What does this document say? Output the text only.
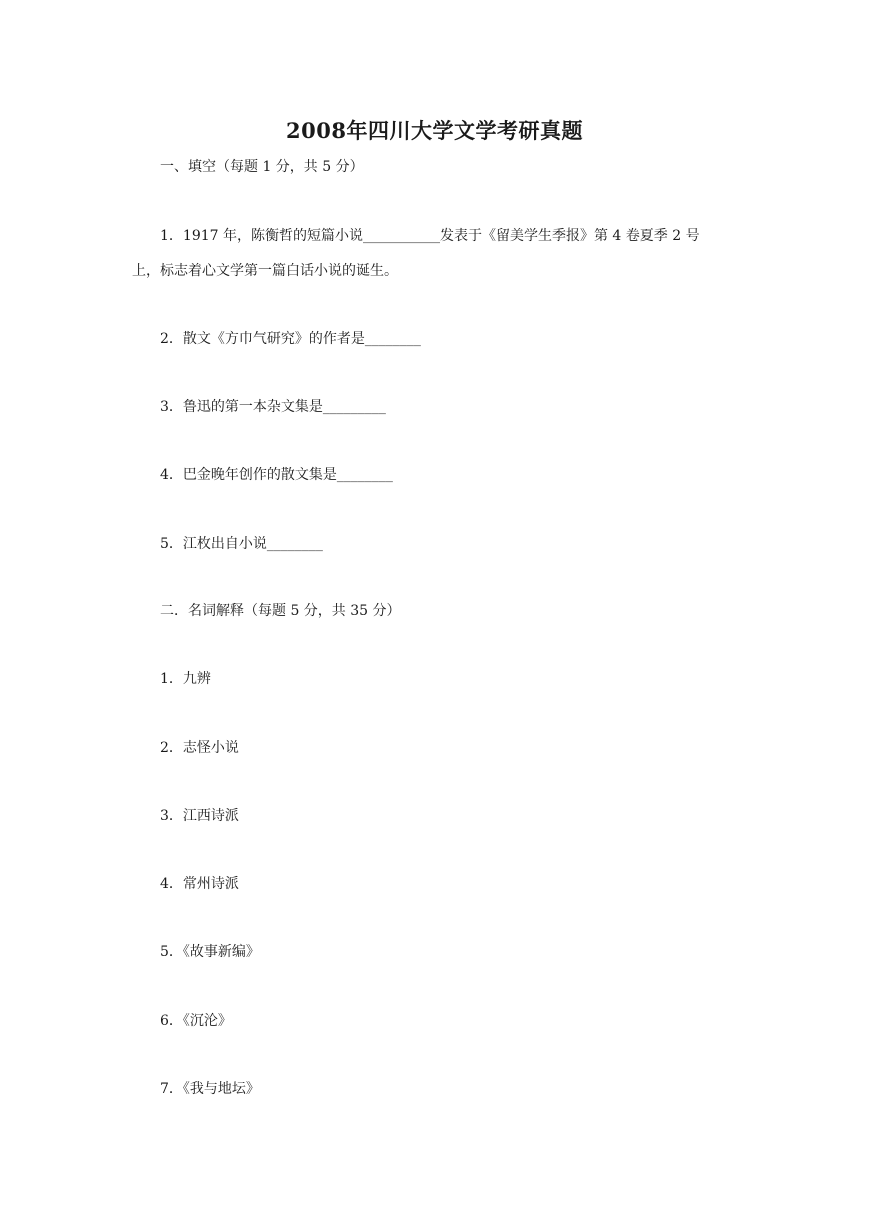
2008年四川大学文学考研真题
一、填空（每题 1 分，共 5 分）
1．1917 年，陈衡哲的短篇小说___________发表于《留美学生季报》第 4 卷夏季 2 号
上，标志着心文学第一篇白话小说的诞生。
2．散文《方巾气研究》的作者是________
3．鲁迅的第一本杂文集是_________
4．巴金晚年创作的散文集是________
5．江枚出自小说________
二．名词解释（每题 5 分，共 35 分）
1．九辨
2．志怪小说
3．江西诗派
4．常州诗派
5．《故事新编》
6．《沉沦》
7．《我与地坛》
